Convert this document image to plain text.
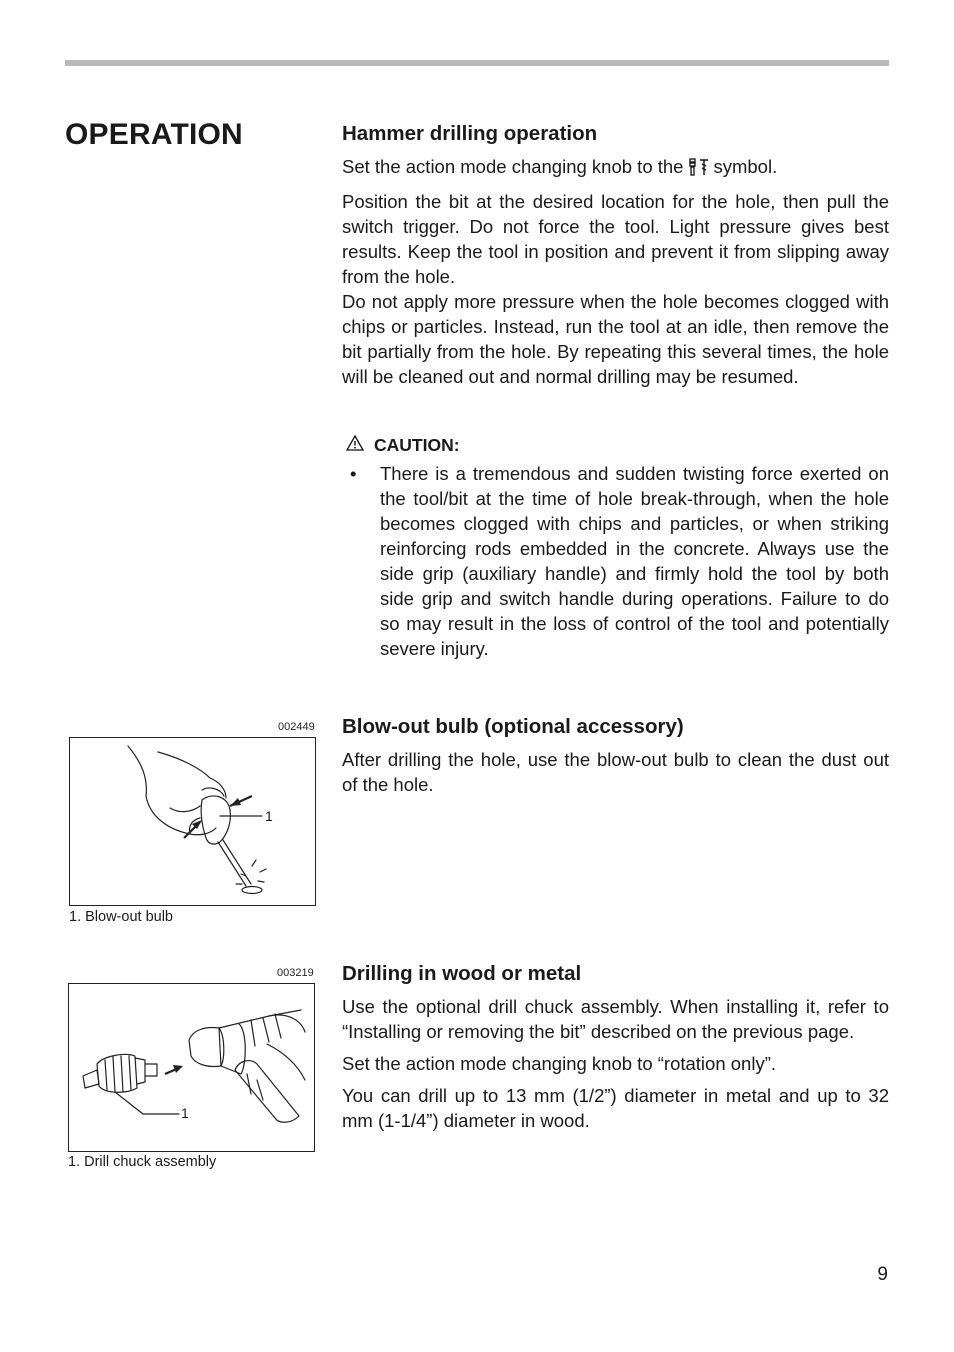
OPERATION	Hammer drilling operation

Set the action mode changing knob to the symbol.

Position the bit at the desired location for the hole, then pull the switch trigger. Do not force the tool. Light pressure gives best results. Keep the tool in position and prevent it from slipping away from the hole.

Do not apply more pressure when the hole becomes clogged with chips or particles. Instead, run the tool at an idle, then remove the bit partially from the hole. By repeating this several times, the hole will be cleaned out and normal drilling may be resumed.

CAUTION:
•	There is a tremendous and sudden twisting force exerted on the tool/bit at the time of hole break-through, when the hole becomes clogged with chips and particles, or when striking reinforcing rods embedded in the concrete. Always use the side grip (auxiliary handle) and firmly hold the tool by both side grip and switch handle during operations. Failure to do so may result in the loss of control of the tool and potentially severe injury.
Blow-out bulb (optional accessory)

After drilling the hole, use the blow-out bulb to clean the dust out of the hole.

002449
1
1. Blow-out bulb
Drilling in wood or metal

Use the optional drill chuck assembly. When installing it, refer to “Installing or removing the bit” described on the previous page.

Set the action mode changing knob to “rotation only”.

You can drill up to 13 mm (1/2”) diameter in metal and up to 32 mm (1-1/4”) diameter in wood.

003219
1
1. Drill chuck assembly
9
